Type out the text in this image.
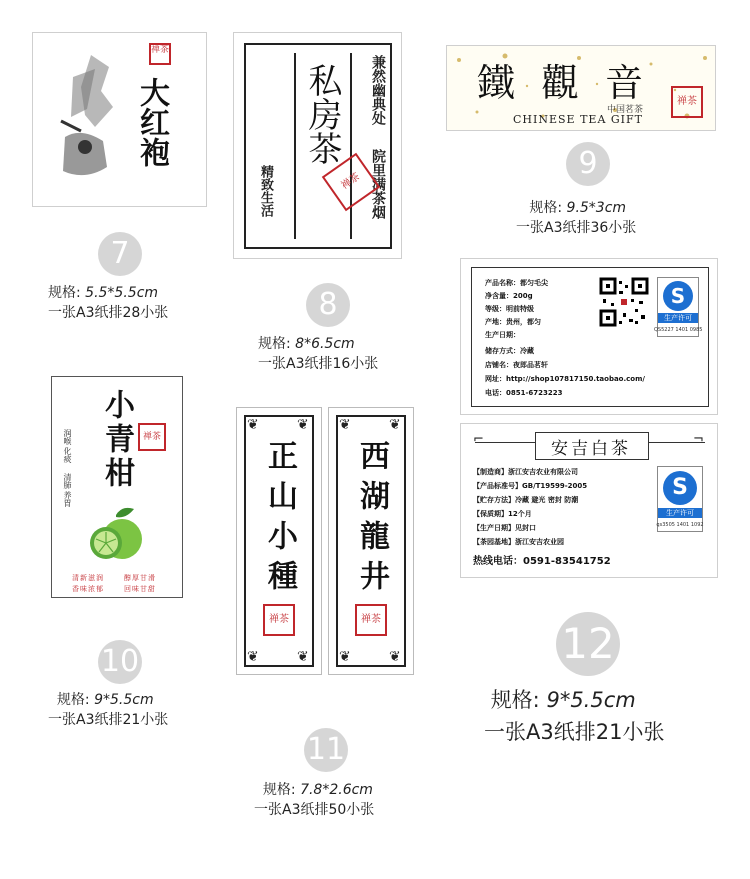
大红袍
禅茶
7
规格: 5.5*5.5cm
一张A3纸排28小张
私房茶 兼然幽典处
院里满茶烟
精致生活	禅茶
8
规格: 8*6.5cm
一张A3纸排16小张
鐵觀音
中国茗茶
CHINESE TEA GIFT
禅茶
9
规格: 9.5*3cm
一张A3纸排36小张
产品名称：都匀毛尖
净含量：200g
等级：明前特级
产地：贵州，都匀
生产日期：
储存方式：冷藏
店铺名：夜郎品茗轩
网址：http://shop107817150.taobao.com/
电话：0851-6723223
S
生产许可
QS5227 1401 0985
小青柑
润喉
化痰
清肺
养胃
禅茶
清新滋润	醇厚甘滑
香味浓郁	回味甘甜
10
规格: 9*5.5cm
一张A3纸排21小张
❦	❦
❦	❦
正山小種
禅茶
❦	❦
❦	❦
西湖龍井
禅茶
11
规格: 7.8*2.6cm
一张A3纸排50小张
⌐	¬
安吉白茶
【制造商】浙江安吉农业有限公司
【产品标准号】GB/T19599-2005
【贮存方法】冷藏 避光 密封 防潮
【保质期】12个月
【生产日期】见封口
【茶园基地】浙江安吉农业园
热线电话：0591-83541752
S
生产许可
qs3505 1401 1092
12
规格: 9*5.5cm
一张A3纸排21小张
